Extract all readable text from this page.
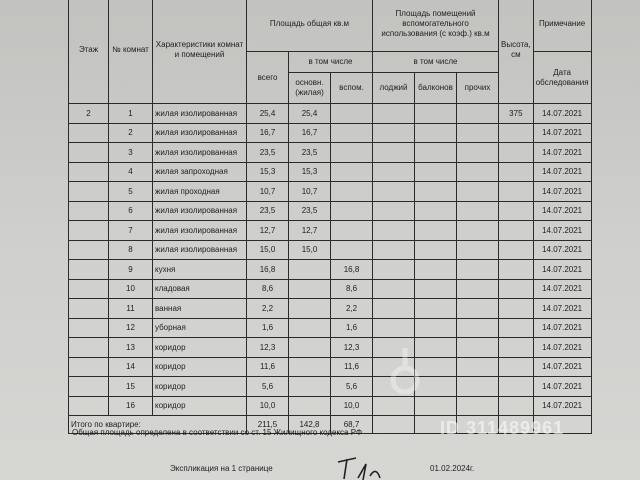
Этаж	№ комнат	Характеристики комнат и помещений	Площадь общая кв.м			Площадь помещений вспомогательного использования (с коэф.) кв.м			Высота, см	Примечание
			всего	в том числе		в том числе				Дата обследования
				основн. (жилая)	вспом.	лоджий	балконов	прочих		
2	1	жилая изолированная	25,4	25,4					375	14.07.2021
	2	жилая изолированная	16,7	16,7						14.07.2021
	3	жилая изолированная	23,5	23,5						14.07.2021
	4	жилая запроходная	15,3	15,3						14.07.2021
	5	жилая проходная	10,7	10,7						14.07.2021
	6	жилая изолированная	23,5	23,5						14.07.2021
	7	жилая изолированная	12,7	12,7						14.07.2021
	8	жилая изолированная	15,0	15,0						14.07.2021
	9	кухня	16,8		16,8					14.07.2021
	10	кладовая	8,6		8,6					14.07.2021
	11	ванная	2,2		2,2					14.07.2021
	12	уборная	1,6		1,6					14.07.2021
	13	коридор	12,3		12,3					14.07.2021
	14	коридор	11,6		11,6					14.07.2021
	15	коридор	5,6		5,6					14.07.2021
	16	коридор	10,0		10,0					14.07.2021
Итого по квартире:			211,5	142,8	68,7					
Общая площадь определена в соответствии со ст. 15 Жилищного кодекса РФ
Экспликация на 1 странице	01.02.2024г.
ID 311489961
